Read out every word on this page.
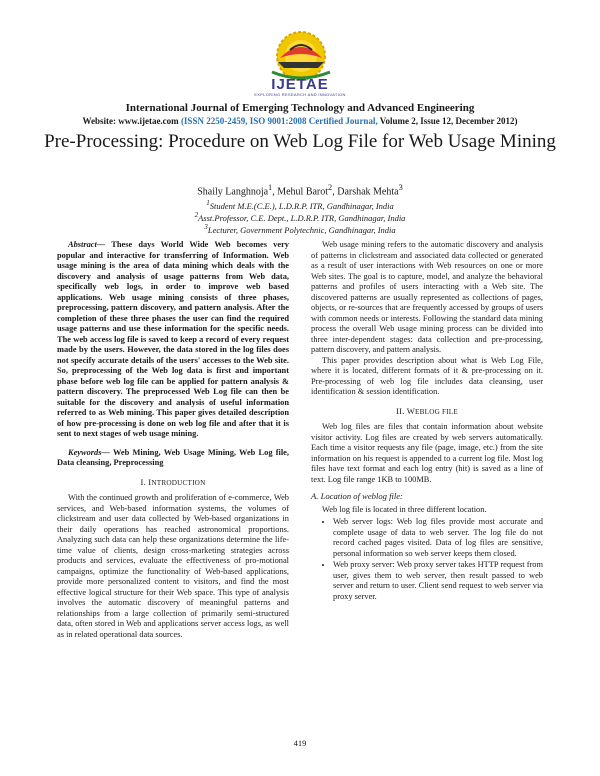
IJETAE
EXPLORING RESEARCH AND INNOVATION
International Journal of Emerging Technology and Advanced Engineering
Website: www.ijetae.com (ISSN 2250-2459, ISO 9001:2008 Certified Journal, Volume 2, Issue 12, December 2012)
Pre-Processing: Procedure on Web Log File for Web Usage Mining
Shaily Langhnoja$^1$, Mehul Barot$^2$, Darshak Mehta$^3$
$^1$Student M.E.(C.E.), L.D.R.P. ITR, Gandhinagar, India
$^2$Asst.Professor, C.E. Dept., L.D.R.P. ITR, Gandhinagar, India
$^3$Lecturer, Government Polytechnic, Gandhinagar, India

Abstract— These days World Wide Web becomes very popular and interactive for transferring of Information. Web usage mining is the area of data mining which deals with the discovery and analysis of usage patterns from Web data, specifically web logs, in order to improve web based applications. Web usage mining consists of three phases, preprocessing, pattern discovery, and pattern analysis. After the completion of these three phases the user can find the required usage patterns and use these information for the specific needs. The web access log file is saved to keep a record of every request made by the users. However, the data stored in the log files does not specify accurate details of the users' accesses to the Web site. So, preprocessing of the Web log data is first and important phase before web log file can be applied for pattern analysis & pattern discovery. The preprocessed Web Log file can then be suitable for the discovery and analysis of useful information referred to as Web mining. This paper gives detailed description of how pre-processing is done on web log file and after that it is sent to next stages of web usage mining.

Keywords— Web Mining, Web Usage Mining, Web Log file, Data cleansing, Preprocessing

I. INTRODUCTION

With the continued growth and proliferation of e-commerce, Web services, and Web-based information systems, the volumes of clickstream and user data collected by Web-based organizations in their daily operations has reached astronomical proportions. Analyzing such data can help these organizations determine the life-time value of clients, design cross-marketing strategies across products and services, evaluate the effectiveness of pro-motional campaigns, optimize the functionality of Web-based applications, provide more personalized content to visitors, and find the most effective logical structure for their Web space. This type of analysis involves the automatic discovery of meaningful patterns and relationships from a large collection of primarily semi-structured data, often stored in Web and applications server access logs, as well as in related operational data sources.

Web usage mining refers to the automatic discovery and analysis of patterns in clickstream and associated data collected or generated as a result of user interactions with Web resources on one or more Web sites. The goal is to capture, model, and analyze the behavioral patterns and profiles of users interacting with a Web site. The discovered patterns are usually represented as collections of pages, objects, or re-sources that are frequently accessed by groups of users with common needs or interests. Following the standard data mining process the overall Web usage mining process can be divided into three inter-dependent stages: data collection and pre-processing, pattern discovery, and pattern analysis.

This paper provides description about what is Web Log File, where it is located, different formats of it & pre-processing on it. Pre-processing of web log file includes data cleansing, user identification & session identification.

II. WEBLOG FILE

Web log files are files that contain information about website visitor activity. Log files are created by web servers automatically. Each time a visitor requests any file (page, image, etc.) from the site information on his request is appended to a current log file. Most log files have text format and each log entry (hit) is saved as a line of text. Log file range 1KB to 100MB.

A. Location of weblog file:

Web log file is located in three different location.

• Web server logs: Web log files provide most accurate and complete usage of data to web server. The log file do not record cached pages visited. Data of log files are sensitive, personal information so web server keeps them closed.
• Web proxy server: Web proxy server takes HTTP request from user, gives them to web server, then result passed to web server and return to user. Client send request to web server via proxy server.
419
